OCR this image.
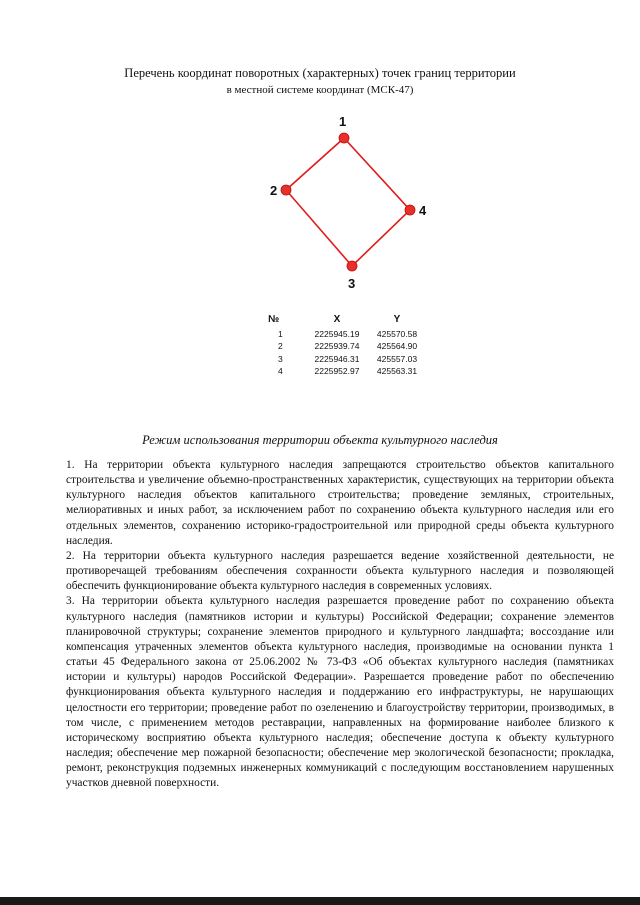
Перечень координат поворотных (характерных) точек границ территории
в местной системе координат (МСК-47)
1
2
3
4
№	X	Y
1	2225945.19	425570.58
2	2225939.74	425564.90
3	2225946.31	425557.03
4	2225952.97	425563.31
Режим использования территории объекта культурного наследия

1. На территории объекта культурного наследия запрещаются строительство объектов капитального строительства и увеличение объемно-пространственных характеристик, существующих на территории объекта культурного наследия объектов капитального строительства; проведение земляных, строительных, мелиоративных и иных работ, за исключением работ по сохранению объекта культурного наследия или его отдельных элементов, сохранению историко-градостроительной или природной среды объекта культурного наследия.

2. На территории объекта культурного наследия разрешается ведение хозяйственной деятельности, не противоречащей требованиям обеспечения сохранности объекта культурного наследия и позволяющей обеспечить функционирование объекта культурного наследия в современных условиях.

3. На территории объекта культурного наследия разрешается проведение работ по сохранению объекта культурного наследия (памятников истории и культуры) Российской Федерации; сохранение элементов планировочной структуры; сохранение элементов природного и культурного ландшафта; воссоздание или компенсация утраченных элементов объекта культурного наследия, производимые на основании пункта 1 статьи 45 Федерального закона от 25.06.2002 № 73-ФЗ «Об объектах культурного наследия (памятниках истории и культуры) народов Российской Федерации». Разрешается проведение работ по обеспечению функционирования объекта культурного наследия и поддержанию его инфраструктуры, не нарушающих целостности его территории; проведение работ по озеленению и благоустройству территории, производимых, в том числе, с применением методов реставрации, направленных на формирование наиболее близкого к историческому восприятию объекта культурного наследия; обеспечение доступа к объекту культурного наследия; обеспечение мер пожарной безопасности; обеспечение мер экологической безопасности; прокладка, ремонт, реконструкция подземных инженерных коммуникаций с последующим восстановлением нарушенных участков дневной поверхности.
